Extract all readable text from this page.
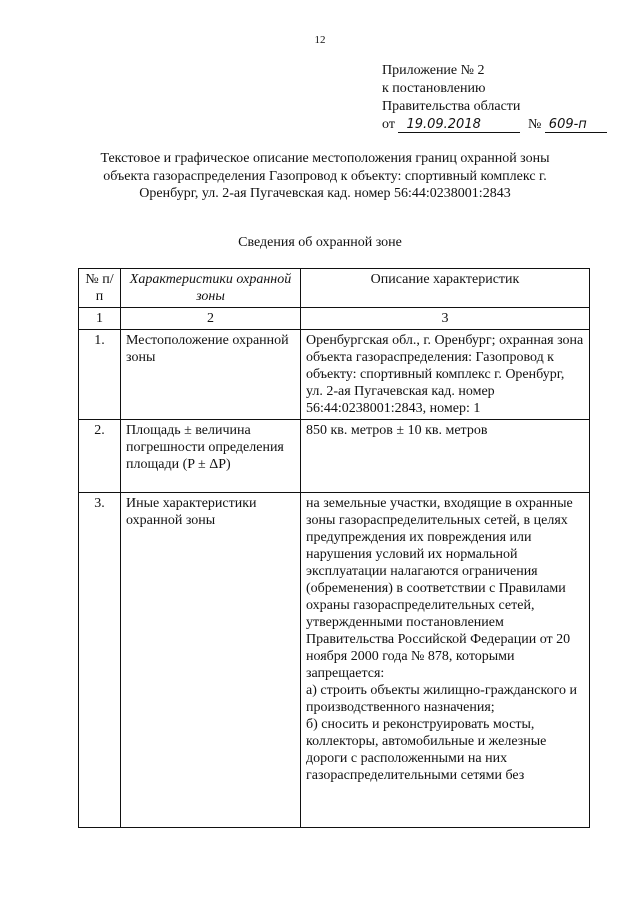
12
Приложение № 2
к постановлению
Правительства области
от 19.09.2018	№ 609-п
Текстовое и графическое описание местоположения границ охранной зоны объекта газораспределения Газопровод к объекту: спортивный комплекс г. Оренбург, ул. 2-ая Пугачевская кад. номер 56:44:0238001:2843
Сведения об охранной зоне
№ п/п	Характеристики охранной зоны	Описание характеристик
1	2	3
1.	Местоположение охранной зоны	Оренбургская обл., г. Оренбург; охранная зона объекта газораспределения: Газопровод к объекту: спортивный комплекс г. Оренбург, ул. 2-ая Пугачевская кад. номер 56:44:0238001:2843, номер: 1
2.	Площадь ± величина погрешности определения площади (P ± ΔP)	850 кв. метров ± 10 кв. метров
3.	Иные характеристики охранной зоны	на земельные участки, входящие в охранные зоны газораспределительных сетей, в целях предупреждения их повреждения или нарушения условий их нормальной эксплуатации налагаются ограничения (обременения) в соответствии с Правилами охраны газораспределительных сетей, утвержденными постановлением Правительства Российской Федерации от 20 ноября 2000 года № 878, которыми запрещается:
а) строить объекты жилищно-гражданского и производственного назначения;
б) сносить и реконструировать мосты, коллекторы, автомобильные и железные дороги с расположенными на них газораспределительными сетями без
